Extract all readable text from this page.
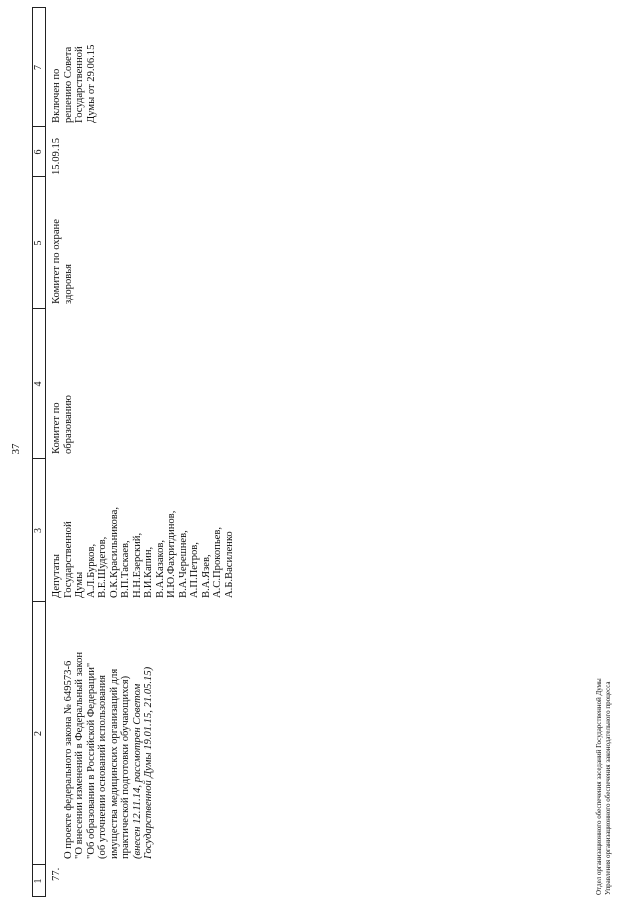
37
1
2
3
4
5
6
7
77.

О проекте федерального закона № 649573-6
"О внесении изменений в Федеральный закон
"Об образовании в Российской Федерации"
(об уточнении оснований использования
имущества медицинских организаций для
практической подготовки обучающихся)
(внесен 12.11.14, рассмотрен Советом
Государственной Думы 19.01.15, 21.05.15)

Депутаты
Государственной
Думы
А.Л.Бурков,
В.Е.Шудегов,
О.К.Красильникова,
В.П.Таскаев,
Н.Н.Езерский,
В.И.Капин,
В.А.Казаков,
И.Ю.Фахритдинов,
В.А.Черешнев,
А.П.Петров,
В.А.Язев,
А.С.Прокопьев,
А.Б.Василенко
Комитет по
образованию
Комитет по охране
здоровья
15.09.15
Включен по
решению Совета
Государственной
Думы от 29.06.15
Отдел организационного обеспечения заседаний Государственной Думы
Управления организационного обеспечения законодательного процесса
